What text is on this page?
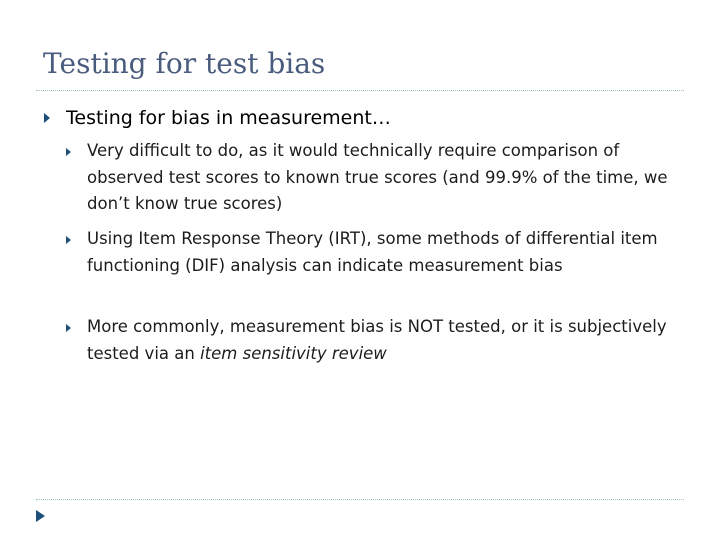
Testing for test bias
Testing for bias in measurement…
Very difficult to do, as it would technically require comparison of observed test scores to known true scores (and 99.9% of the time, we don’t know true scores)
Using Item Response Theory (IRT), some methods of differential item functioning (DIF) analysis can indicate measurement bias
More commonly, measurement bias is NOT tested, or it is subjectively tested via an item sensitivity review
